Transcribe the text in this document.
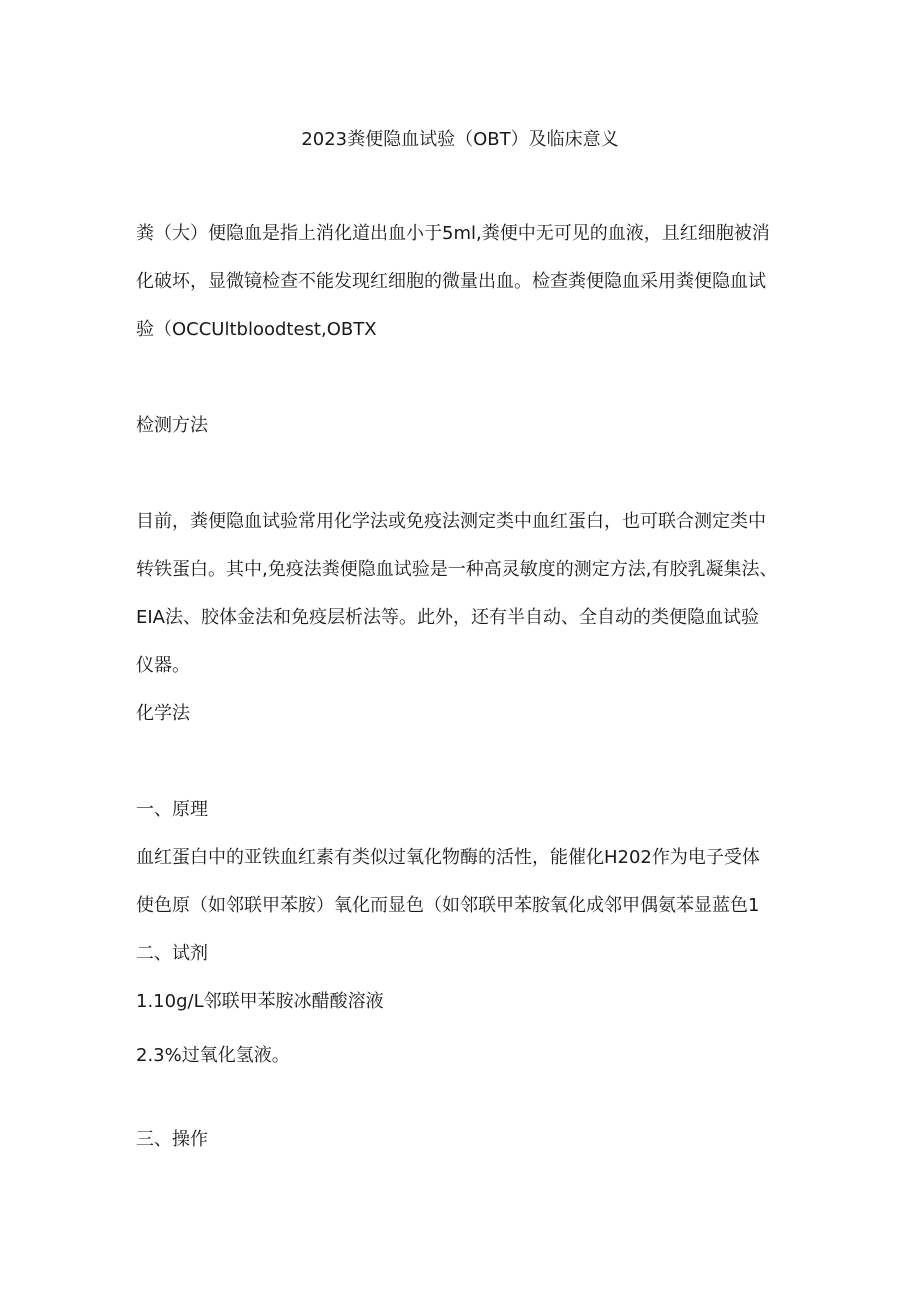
2023粪便隐血试验（OBT）及临床意义
粪（大）便隐血是指上消化道出血小于5ml,粪便中无可见的血液，且红细胞被消
化破坏，显微镜检查不能发现红细胞的微量出血。检查粪便隐血采用粪便隐血试
验（OCCUltbloodtest,OBTX
检测方法
目前，粪便隐血试验常用化学法或免疫法测定类中血红蛋白，也可联合测定类中
转铁蛋白。其中,免疫法粪便隐血试验是一种高灵敏度的测定方法,有胶乳凝集法、
EIA法、胶体金法和免疫层析法等。此外，还有半自动、全自动的类便隐血试验
仪器。
化学法
一、原理
血红蛋白中的亚铁血红素有类似过氧化物酶的活性，能催化H202作为电子受体
使色原（如邻联甲苯胺）氧化而显色（如邻联甲苯胺氧化成邻甲偶氨苯显蓝色1
二、试剂
1.10g/L邻联甲苯胺冰醋酸溶液
2.3%过氧化氢液。
三、操作
